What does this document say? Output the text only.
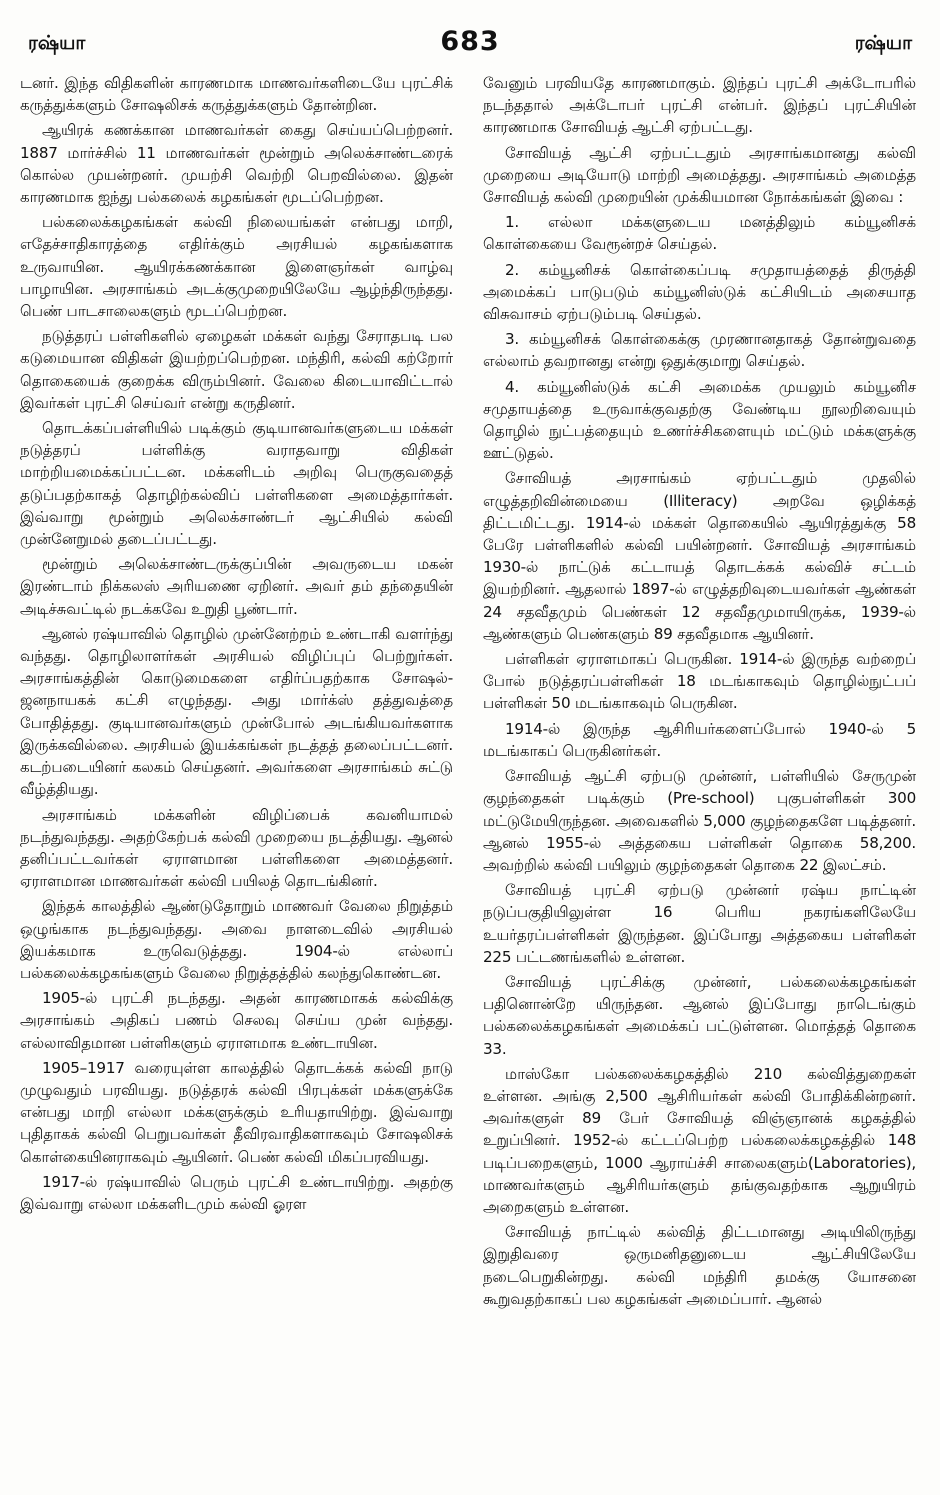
ரஷ்யா	683	ரஷ்யா

டனர். இந்த விதிகளின் காரணமாக மாணவர்களிடையே புரட்சிக் கருத்துக்களும் சோஷலிசக் கருத்துக்களும் தோன்றின.

ஆயிரக் கணக்கான மாணவர்கள் கைது செய்யப்பெற்றனர். 1887 மார்ச்சில் 11 மாணவர்கள் மூன்றும் அலெக்சாண்டரைக் கொல்ல முயன்றனர். முயற்சி வெற்றி பெறவில்லை. இதன் காரணமாக ஐந்து பல்கலைக் கழகங்கள் மூடப்பெற்றன.

பல்கலைக்கழகங்கள் கல்வி நிலையங்கள் என்பது மாறி, எதேச்சாதிகாரத்தை எதிர்க்கும் அரசியல் கழகங்களாக உருவாயின. ஆயிரக்கணக்கான இளைஞர்கள் வாழ்வு பாழாயின. அரசாங்கம் அடக்குமுறையிலேயே ஆழ்ந்திருந்தது. பெண் பாடசாலைகளும் மூடப்பெற்றன.

நடுத்தரப் பள்ளிகளில் ஏழைகள் மக்கள் வந்து சேராதபடி பல கடுமையான விதிகள் இயற்றப்பெற்றன. மந்திரி, கல்வி கற்றோர் தொகையைக் குறைக்க விரும்பினர். வேலை கிடையாவிட்டால் இவர்கள் புரட்சி செய்வர் என்று கருதினர்.

தொடக்கப்பள்ளியில் படிக்கும் குடியானவர்களுடைய மக்கள் நடுத்தரப் பள்ளிக்கு வராதவாறு விதிகள் மாற்றியமைக்கப்பட்டன. மக்களிடம் அறிவு பெருகுவதைத் தடுப்பதற்காகத் தொழிற்கல்விப் பள்ளிகளை அமைத்தார்கள். இவ்வாறு மூன்றும் அலெக்சாண்டர் ஆட்சியில் கல்வி முன்னேறுமல் தடைப்பட்டது.

மூன்றும் அலெக்சாண்டருக்குப்பின் அவருடைய மகன் இரண்டாம் நிக்கலஸ் அரியணை ஏறினர். அவர் தம் தந்தையின் அடிச்சுவட்டில் நடக்கவே உறுதி பூண்டார்.

ஆனல் ரஷ்யாவில் தொழில் முன்னேற்றம் உண்டாகி வளர்ந்து வந்தது. தொழிலாளர்கள் அரசியல் விழிப்புப் பெற்றுர்கள். அரசாங்கத்தின் கொடுமைகளை எதிர்ப்பதற்காக சோஷல்-ஜனநாயகக் கட்சி எழுந்தது. அது மார்க்ஸ் தத்துவத்தை போதித்தது. குடியானவர்களும் முன்போல் அடங்கியவர்களாக இருக்கவில்லை. அரசியல் இயக்கங்கள் நடத்தத் தலைப்பட்டனர். கடற்படையினர் கலகம் செய்தனர். அவர்களை அரசாங்கம் சுட்டு வீழ்த்தியது.

அரசாங்கம் மக்களின் விழிப்பைக் கவனியாமல் நடந்துவந்தது. அதற்கேற்பக் கல்வி முறையை நடத்தியது. ஆனல் தனிப்பட்டவர்கள் ஏராளமான பள்ளிகளை அமைத்தனர். ஏராளமான மாணவர்கள் கல்வி பயிலத் தொடங்கினர்.

இந்தக் காலத்தில் ஆண்டுதோறும் மாணவர் வேலை நிறுத்தம் ஒழுங்காக நடந்துவந்தது. அவை நாளடைவில் அரசியல் இயக்கமாக உருவெடுத்தது. 1904-ல் எல்லாப் பல்கலைக்கழகங்களும் வேலை நிறுத்தத்தில் கலந்துகொண்டன.

1905-ல் புரட்சி நடந்தது. அதன் காரணமாகக் கல்விக்கு அரசாங்கம் அதிகப் பணம் செலவு செய்ய முன் வந்தது. எல்லாவிதமான பள்ளிகளும் ஏராளமாக உண்டாயின.

1905–1917 வரையுள்ள காலத்தில் தொடக்கக் கல்வி நாடு முழுவதும் பரவியது. நடுத்தரக் கல்வி பிரபுக்கள் மக்களுக்கே என்பது மாறி எல்லா மக்களுக்கும் உரியதாயிற்று. இவ்வாறு புதிதாகக் கல்வி பெறுபவர்கள் தீவிரவாதிகளாகவும் சோஷலிசக் கொள்கையினராகவும் ஆயினர். பெண் கல்வி மிகப்பரவியது.

1917-ல் ரஷ்யாவில் பெரும் புரட்சி உண்டாயிற்று. அதற்கு இவ்வாறு எல்லா மக்களிடமும் கல்வி ஓரள

வேனும் பரவியதே காரணமாகும். இந்தப் புரட்சி அக்டோபரில் நடந்ததால் அக்டோபர் புரட்சி என்பர். இந்தப் புரட்சியின் காரணமாக சோவியத் ஆட்சி ஏற்பட்டது.

சோவியத் ஆட்சி ஏற்பட்டதும் அரசாங்கமானது கல்வி முறையை அடியோடு மாற்றி அமைத்தது. அரசாங்கம் அமைத்த சோவியத் கல்வி முறையின் முக்கியமான நோக்கங்கள் இவை :

1. எல்லா மக்களுடைய மனத்திலும் கம்யூனிசக் கொள்கையை வேரூன்றச் செய்தல்.

2. கம்யூனிசக் கொள்கைப்படி சமுதாயத்தைத் திருத்தி அமைக்கப் பாடுபடும் கம்யூனிஸ்டுக் கட்சியிடம் அசையாத விசுவாசம் ஏற்படும்படி செய்தல்.

3. கம்யூனிசக் கொள்கைக்கு முரணானதாகத் தோன்றுவதை எல்லாம் தவறானது என்று ஒதுக்குமாறு செய்தல்.

4. கம்யூனிஸ்டுக் கட்சி அமைக்க முயலும் கம்யூனிச சமுதாயத்தை உருவாக்குவதற்கு வேண்டிய நூலறிவையும் தொழில் நுட்பத்தையும் உணர்ச்சிகளையும் மட்டும் மக்களுக்கு ஊட்டுதல்.

சோவியத் அரசாங்கம் ஏற்பட்டதும் முதலில் எழுத்தறிவின்மையை (Illiteracy) அறவே ஒழிக்கத் திட்டமிட்டது. 1914-ல் மக்கள் தொகையில் ஆயிரத்துக்கு 58 பேரே பள்ளிகளில் கல்வி பயின்றனர். சோவியத் அரசாங்கம் 1930-ல் நாட்டுக் கட்டாயத் தொடக்கக் கல்விச் சட்டம் இயற்றினர். ஆதலால் 1897-ல் எழுத்தறிவுடையவர்கள் ஆண்கள் 24 சதவீதமும் பெண்கள் 12 சதவீதமுமாயிருக்க, 1939-ல் ஆண்களும் பெண்களும் 89 சதவீதமாக ஆயினர்.

பள்ளிகள் ஏராளமாகப் பெருகின. 1914-ல் இருந்த வற்றைப் போல் நடுத்தரப்பள்ளிகள் 18 மடங்காகவும் தொழில்நுட்பப் பள்ளிகள் 50 மடங்காகவும் பெருகின.

1914-ல் இருந்த ஆசிரியர்களைப்போல் 1940-ல் 5 மடங்காகப் பெருகினர்கள்.

சோவியத் ஆட்சி ஏற்படு முன்னர், பள்ளியில் சேருமுன் குழந்தைகள் படிக்கும் (Pre-school) புகுபள்ளிகள் 300 மட்டுமேயிருந்தன. அவைகளில் 5,000 குழந்தைகளே படித்தனர். ஆனல் 1955-ல் அத்தகைய பள்ளிகள் தொகை 58,200. அவற்றில் கல்வி பயிலும் குழந்தைகள் தொகை 22 இலட்சம்.

சோவியத் புரட்சி ஏற்படு முன்னர் ரஷ்ய நாட்டின் நடுப்பகுதியிலுள்ள 16 பெரிய நகரங்களிலேயே உயர்தரப்பள்ளிகள் இருந்தன. இப்போது அத்தகைய பள்ளிகள் 225 பட்டணங்களில் உள்ளன.

சோவியத் புரட்சிக்கு முன்னர், பல்கலைக்கழகங்கள் பதினொன்றே யிருந்தன. ஆனல் இப்போது நாடெங்கும் பல்கலைக்கழகங்கள் அமைக்கப் பட்டுள்ளன. மொத்தத் தொகை 33.

மாஸ்கோ பல்கலைக்கழகத்தில் 210 கல்வித்துறைகள் உள்ளன. அங்கு 2,500 ஆசிரியர்கள் கல்வி போதிக்கின்றனர். அவர்களுள் 89 பேர் சோவியத் விஞ்ஞானக் கழகத்தில் உறுப்பினர். 1952-ல் கட்டப்பெற்ற பல்கலைக்கழகத்தில் 148 படிப்பறைகளும், 1000 ஆராய்ச்சி சாலைகளும்(Laboratories), மாணவர்களும் ஆசிரியர்களும் தங்குவதற்காக ஆறுயிரம் அறைகளும் உள்ளன.

சோவியத் நாட்டில் கல்வித் திட்டமானது அடியிலிருந்து இறுதிவரை ஒருமனிதனுடைய ஆட்சியிலேயே நடைபெறுகின்றது. கல்வி மந்திரி தமக்கு யோசனை கூறுவதற்காகப் பல கழகங்கள் அமைப்பார். ஆனல்
